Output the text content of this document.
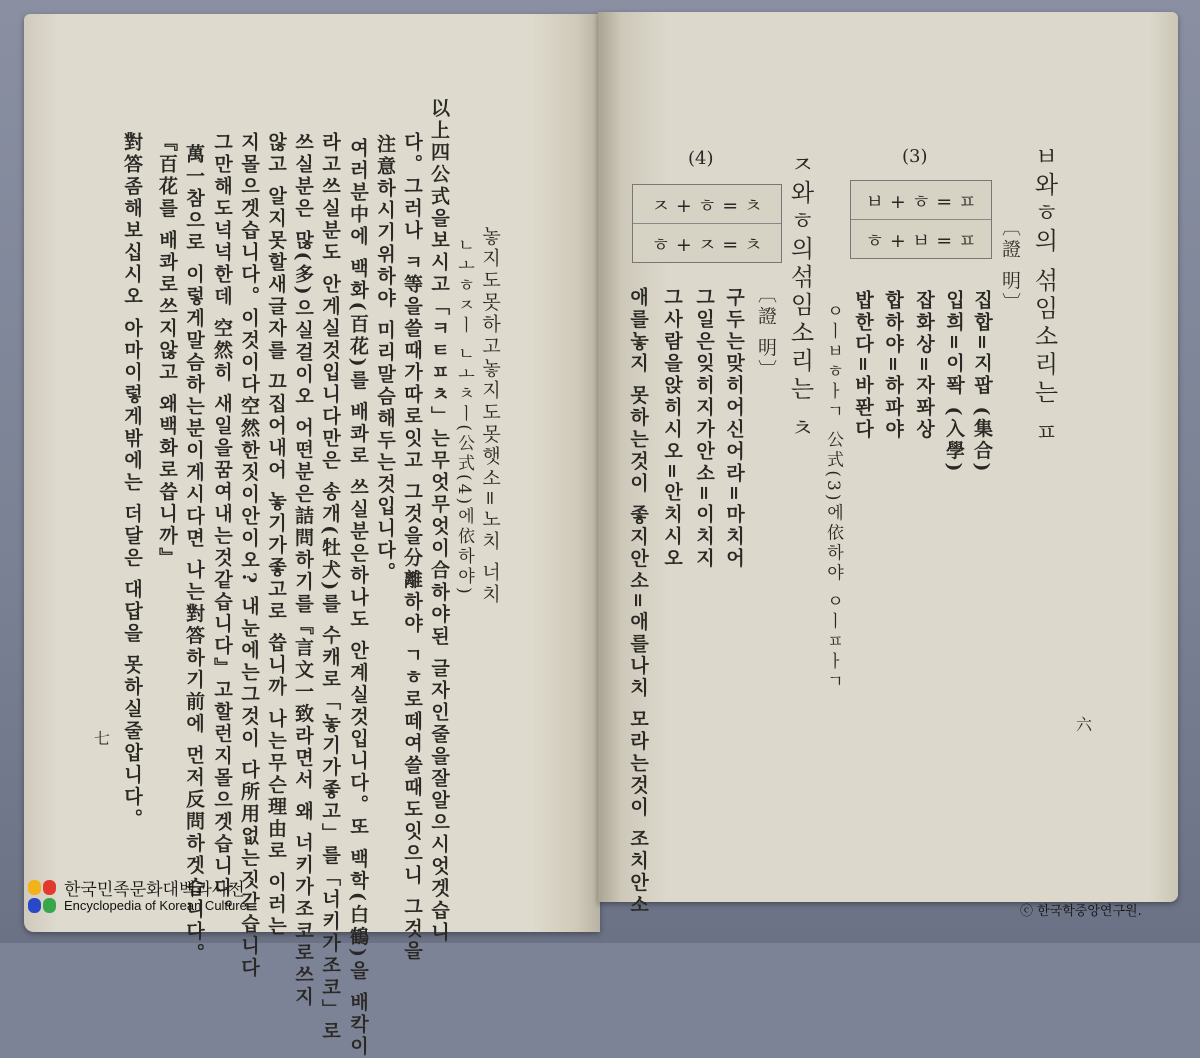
놓지도못하고놓지도못햇소=노치 너치
ㄴㅗㅎㅈㅣ ㄴㅗㅊㅣ(公式(4)에依하야)
以上四公式을보시고「ㅋㅌㅍㅊ」는무엇무엇이合하야된 글자인줄을잘알으시엇겟습니
다。그러나 ㅋ等을쓸때가따로잇고 그것을分離하야 ㄱㅎ로떼여쓸때도잇으니 그것을
注意하시기위하야 미리말슴해두는것입니다。
여러분中에 백화(百花)를 배콰로 쓰실분은하나도 안계실것입니다。또 백학(白鶴)을 배칵이
라고쓰실분도 안게실것입니다만은 송개(牡犬)를 수캐로「놓기가좋고」를「너키가조코」로
쓰실분은 많(多)으실걸이오 어떤분은詰問하기를『言文一致라면서 왜 너키가조코로쓰지
않고 알지못할새글자를 끄집어내어 놓기가좋고로 씁니까 나는무슨理由로 이러는
지몰으겟습니다。이것이다空然한짓이안이오? 내눈에는그것이 다所用없는짓같습니다
그만해도넉넉한데 空然히 새일을꿈여내는것같습니다』고할런지몰으겟습니다。
萬一참으로 이렇게말슴하는분이게시다면 나는對答하기前에 먼저反問하겟습니다。
『百花를 배콰로쓰지않고 왜백화로씁니까』
對答좀해보십시오 아마이렇게밖에는 더달은 대답을 못하실줄압니다。
七
ㅂ와ㅎ의 섞임소리는 ㅍ
(3)
ㅂ + ㅎ = ㅍ
ㅎ + ㅂ = ㅍ	〔證 明〕
집합=지팝 (集合)
입희=이퐉 (入學)
잡화상=자퐈상
합하야=하파야
밥한다=바퐌다
ㅇㅣㅂㅎㅏㄱ 公式(3)에依하야 ㅇㅣㅍㅏㄱ
ㅈ와ㅎ의섞임소리는 ㅊ
(4)
ㅈ + ㅎ = ㅊ
ㅎ + ㅈ = ㅊ
〔證 明〕
구두는맞히어신어라=마치어
그일은잊히지가안소=이치지
그사람을앉히시오=안치시오
애를놓지 못하는것이 좋지안소=애를나치 모라는것이 조치안소	六
한국민족문화대백과사전
Encyclopedia of Korean Culture	ⓒ 한국학중앙연구원.
